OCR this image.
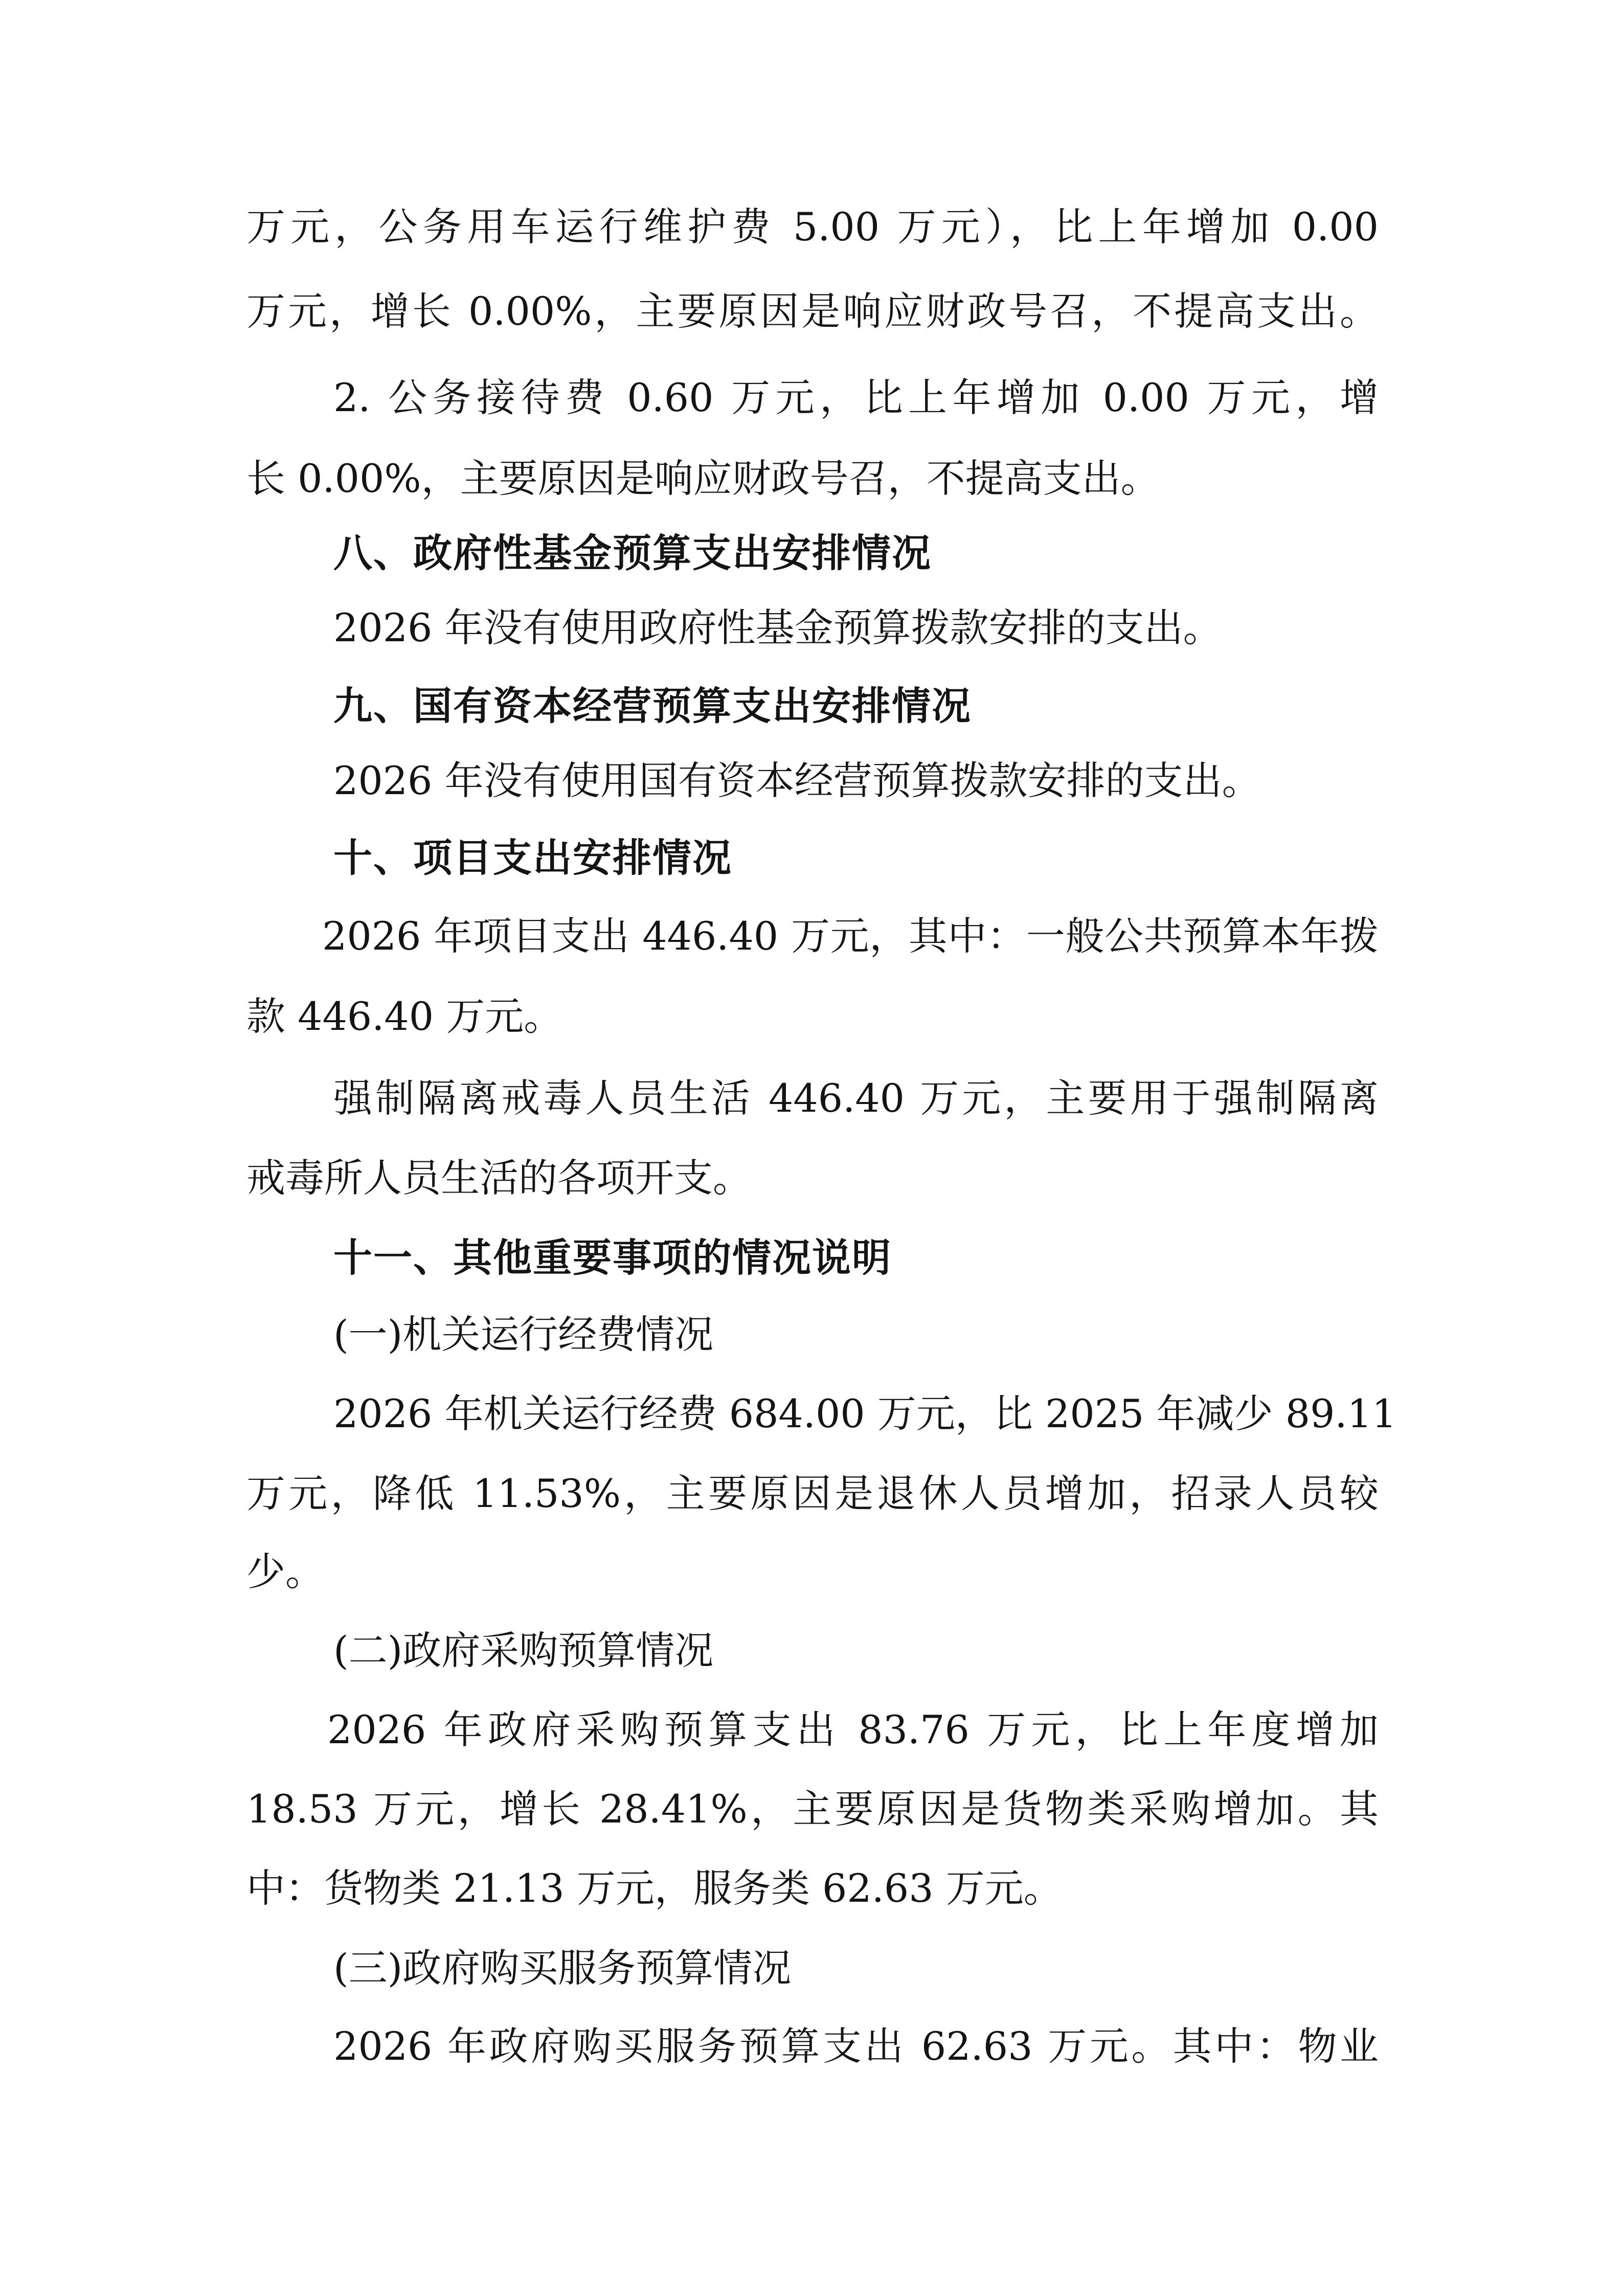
万元，公务用车运行维护费 5.00 万元），比上年增加 0.00

万元，增长 0.00%，主要原因是响应财政号召，不提高支出。

2. 公务接待费 0.60 万元，比上年增加 0.00 万元，增

长 0.00%，主要原因是响应财政号召，不提高支出。

八、政府性基金预算支出安排情况

2026 年没有使用政府性基金预算拨款安排的支出。

九、国有资本经营预算支出安排情况

2026 年没有使用国有资本经营预算拨款安排的支出。

十、项目支出安排情况

2026 年项目支出 446.40 万元，其中：一般公共预算本年拨

款 446.40 万元。

强制隔离戒毒人员生活 446.40 万元，主要用于强制隔离

戒毒所人员生活的各项开支。

十一、其他重要事项的情况说明

(一)机关运行经费情况

2026 年机关运行经费 684.00 万元，比 2025 年减少 89.11

万元，降低 11.53%，主要原因是退休人员增加，招录人员较

少。

(二)政府采购预算情况

2026 年政府采购预算支出 83.76 万元，比上年度增加

18.53 万元，增长 28.41%，主要原因是货物类采购增加。其

中：货物类 21.13 万元，服务类 62.63 万元。

(三)政府购买服务预算情况

2026 年政府购买服务预算支出 62.63 万元。其中：物业
